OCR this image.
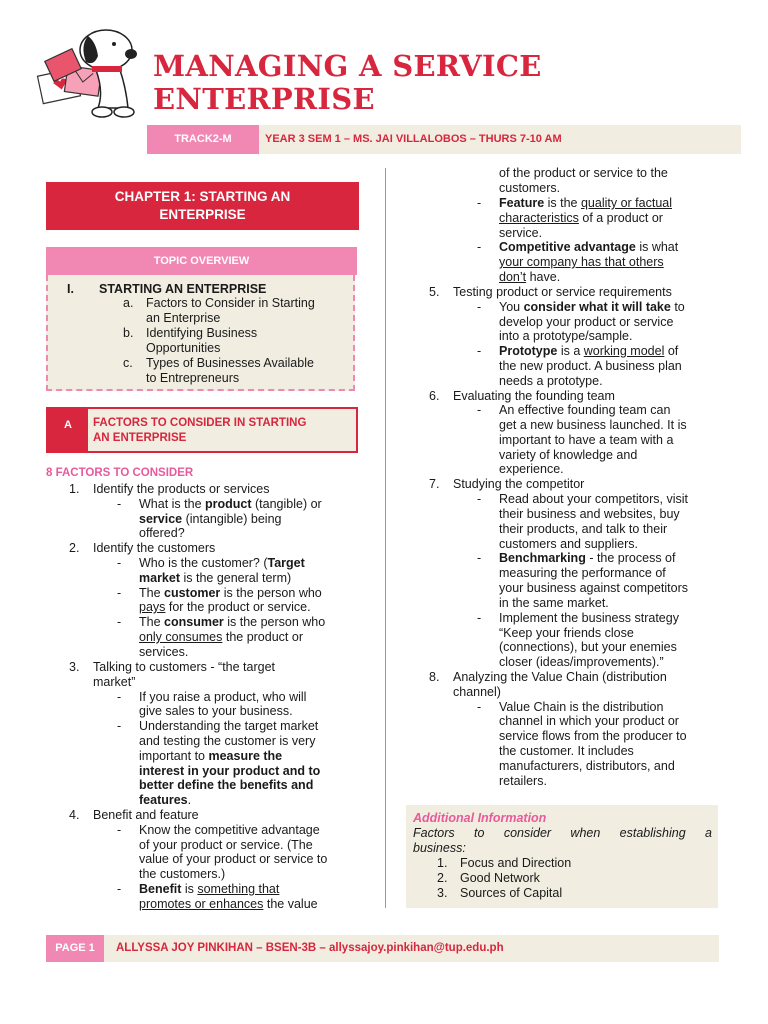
MANAGING A SERVICE
ENTERPRISE
TRACK2-M	YEAR 3 SEM 1 – MS. JAI VILLALOBOS – THURS 7-10 AM
CHAPTER 1: STARTING AN
ENTERPRISE
TOPIC OVERVIEW
I. STARTING AN ENTERPRISE
a. Factors to Consider in Starting
an Enterprise
b. Identifying Business
Opportunities
c. Types of Businesses Available
to Entrepreneurs
A	FACTORS TO CONSIDER IN STARTING
AN ENTERPRISE
8 FACTORS TO CONSIDER
1. Identify the products or services
- What is the product (tangible) or
service (intangible) being
offered?
2. Identify the customers
- Who is the customer? (Target
market is the general term)
- The customer is the person who
pays for the product or service.
- The consumer is the person who
only consumes the product or
services.
3. Talking to customers - “the target
market”
- If you raise a product, who will
give sales to your business.
- Understanding the target market
and testing the customer is very
important to measure the
interest in your product and to
better define the benefits and
features.
4. Benefit and feature
- Know the competitive advantage
of your product or service. (The
value of your product or service to
the customers.)
- Benefit is something that
promotes or enhances the value
of the product or service to the
customers.
- Feature is the quality or factual
characteristics of a product or
service.
- Competitive advantage is what
your company has that others
don’t have.
5. Testing product or service requirements
- You consider what it will take to
develop your product or service
into a prototype/sample.
- Prototype is a working model of
the new product. A business plan
needs a prototype.
6. Evaluating the founding team
- An effective founding team can
get a new business launched. It is
important to have a team with a
variety of knowledge and
experience.
7. Studying the competitor
- Read about your competitors, visit
their business and websites, buy
their products, and talk to their
customers and suppliers.
- Benchmarking - the process of
measuring the performance of
your business against competitors
in the same market.
- Implement the business strategy
“Keep your friends close
(connections), but your enemies
closer (ideas/improvements).”
8. Analyzing the Value Chain (distribution
channel)
- Value Chain is the distribution
channel in which your product or
service flows from the producer to
the customer. It includes
manufacturers, distributors, and
retailers.
Additional Information
Factors to consider when establishing a
business:
1. Focus and Direction
2. Good Network
3. Sources of Capital
PAGE 1	ALLYSSA JOY PINKIHAN – BSEN-3B – allyssajoy.pinkihan@tup.edu.ph
